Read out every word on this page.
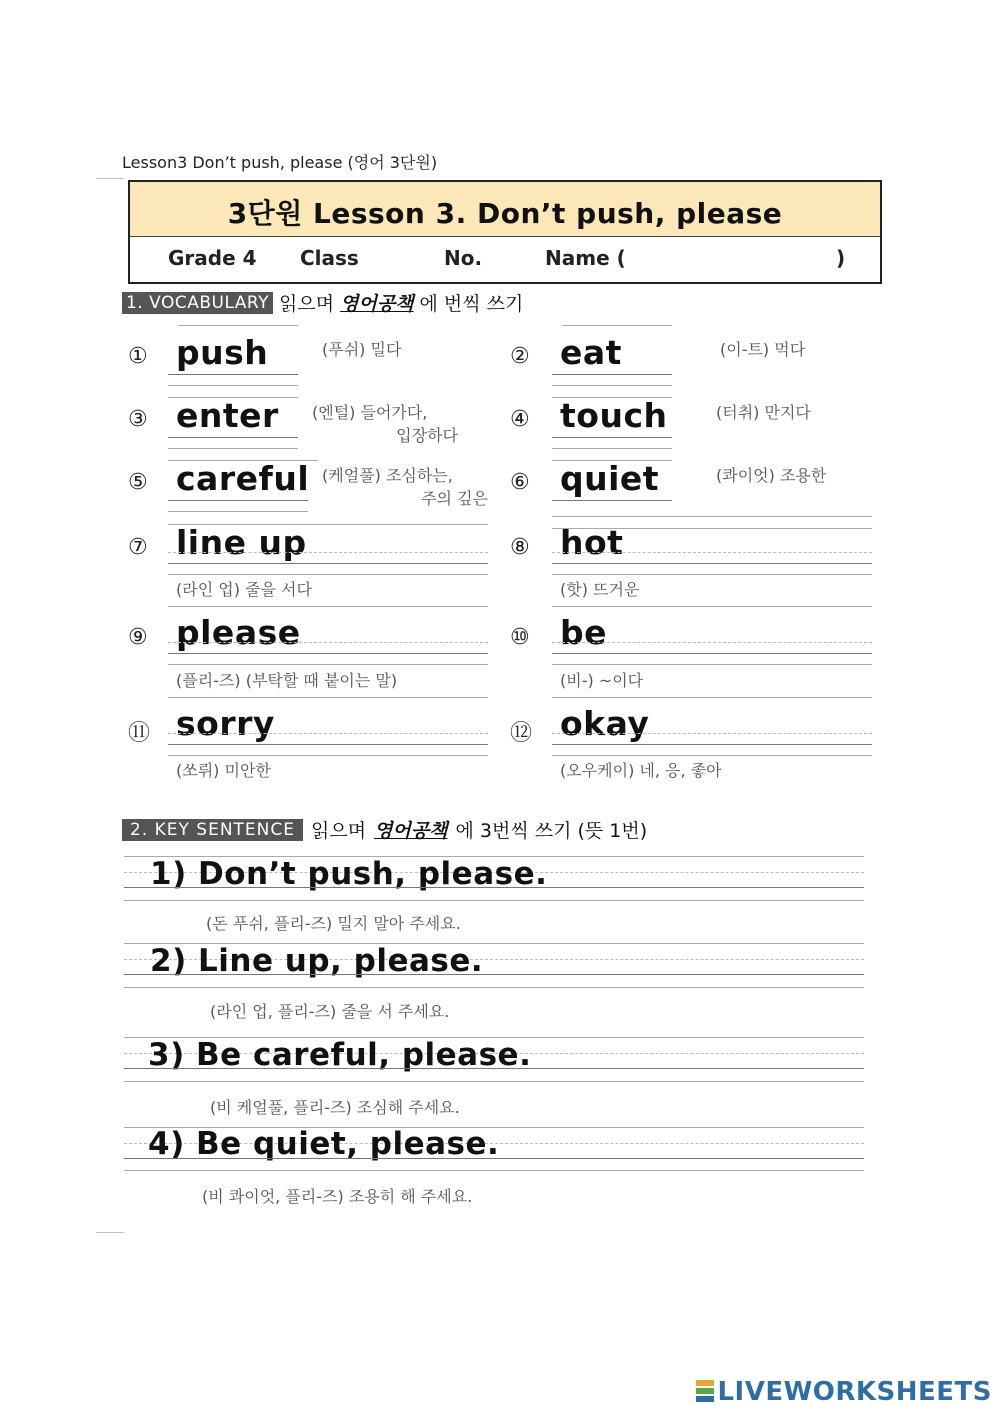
Lesson3 Don’t push, please (영어 3단원)
3단원 Lesson 3. Don’t push, please
Grade 4 Class	No.	Name (	)
1. VOCABULARY 읽으며 영어공책 에 번씩 쓰기
① push	(푸쉬) 밀다	② eat	(이-트) 먹다
③ enter (엔털) 들어가다,
입장하다
④ touch	(터취) 만지다
⑤ careful (케얼풀) 조심하는,
주의 깊은
⑥ quiet	(콰이엇) 조용한
⑦ line up
(라인 업) 줄을 서다
⑧ hot
(핫) 뜨거운
⑨ please
(플리-즈) (부탁할 때 붙이는 말)
⑩ be
(비-) ~이다
⑪ sorry
(쏘뤼) 미안한
⑫ okay
(오우케이) 네, 응, 좋아
2. KEY SENTENCE 읽으며 영어공책 에 3번씩 쓰기 (뜻 1번)
1) Don’t push, please.
(돈 푸쉬, 플리-즈) 밀지 말아 주세요.
2) Line up, please.
(라인 업, 플리-즈) 줄을 서 주세요.
3) Be careful, please.
(비 케얼풀, 플리-즈) 조심해 주세요.
4) Be quiet, please.
(비 콰이엇, 플리-즈) 조용히 해 주세요.
LIVEWORKSHEETS
